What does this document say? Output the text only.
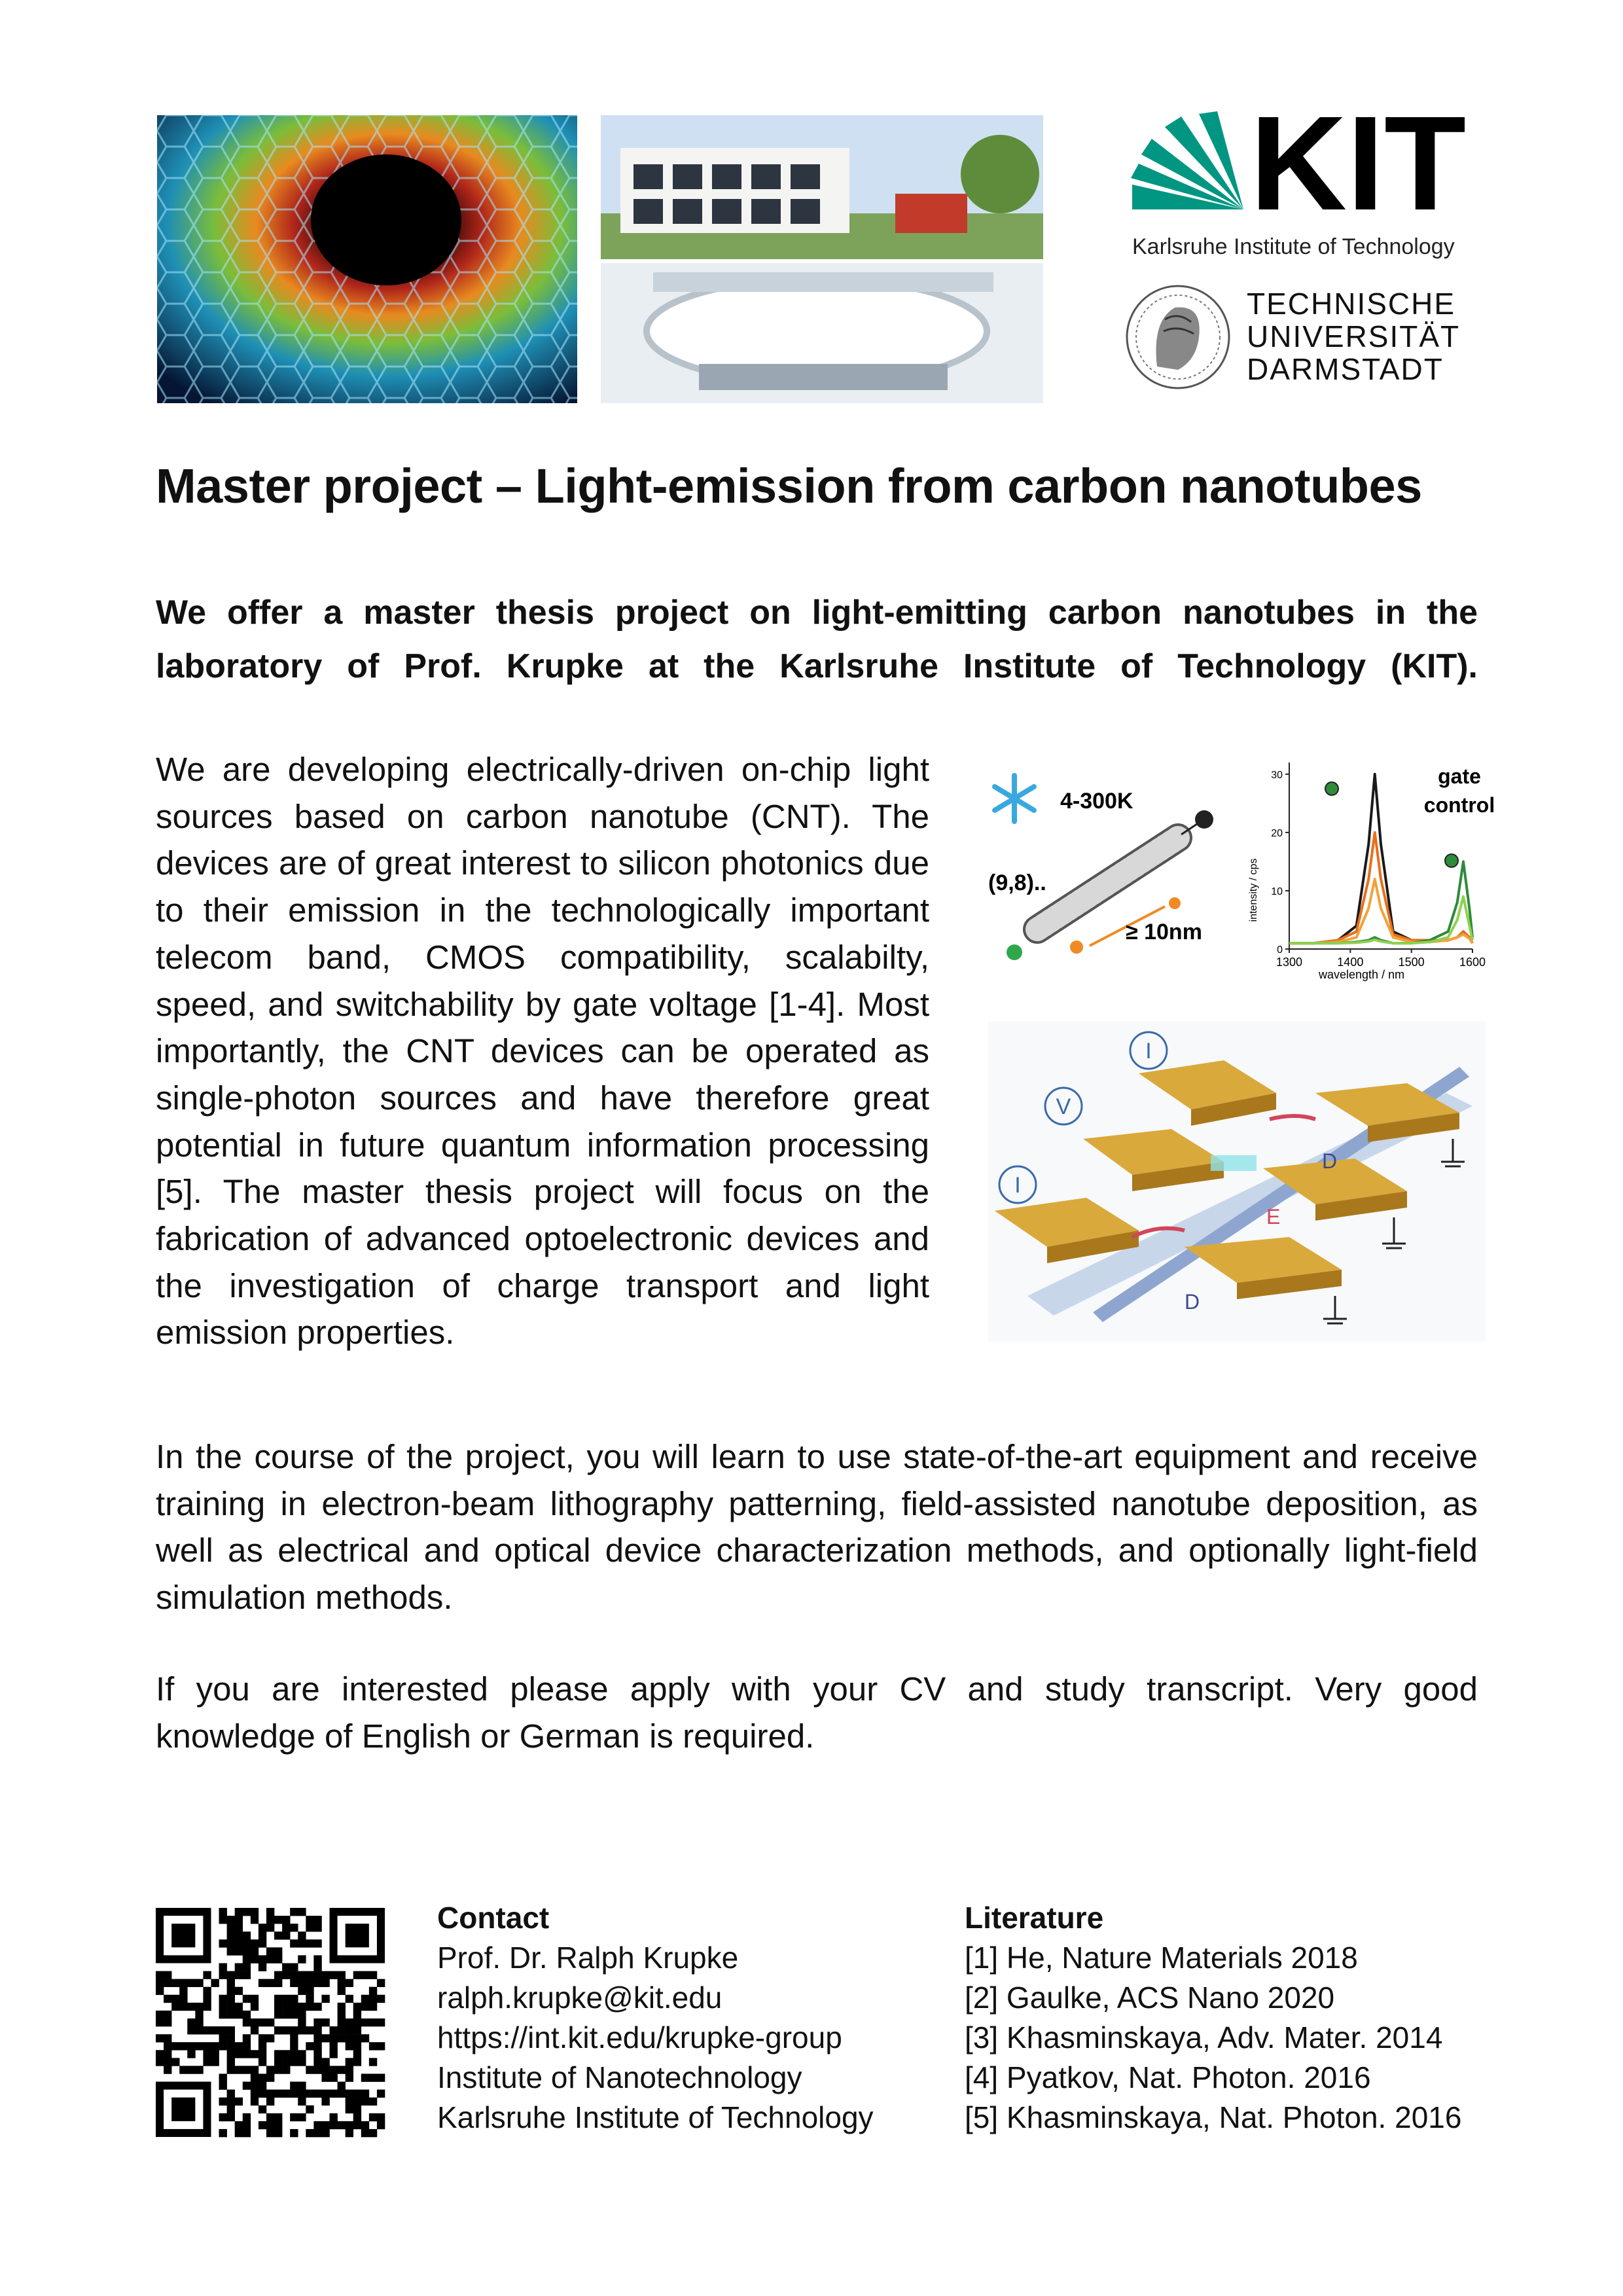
KIT
Karlsruhe Institute of Technology
TECHNISCHE
UNIVERSITÄT
DARMSTADT
Master project – Light-emission from carbon nanotubes

We offer a master thesis project on light-emitting carbon nanotubes in the

laboratory of Prof. Krupke at the Karlsruhe Institute of Technology (KIT).

We are developing electrically-driven on-chip light sources based on carbon nanotube (CNT). The devices are of great interest to silicon photonics due to their emission in the technologically important telecom band, CMOS compatibility, scalabilty, speed, and switchability by gate voltage [1-4]. Most importantly, the CNT devices can be operated as single-photon sources and have therefore great potential in future quantum information processing [5]. The master thesis project will focus on the fabrication of advanced optoelectronic devices and the investigation of charge transport and light emission properties.

4-300K
(9,8)..
≥ 10nm
0
10
20
30
1300	1400	1500	1600
gate
control
wavelength / nm
intensity / cps
I
V
I
D
E
D

In the course of the project, you will learn to use state-of-the-art equipment and receive training in electron-beam lithography patterning, field-assisted nanotube deposition, as well as electrical and optical device characterization methods, and optionally light-field simulation methods.

If you are interested please apply with your CV and study transcript. Very good knowledge of English or German is required.

Contact
Prof. Dr. Ralph Krupke
ralph.krupke@kit.edu
https://int.kit.edu/krupke-group
Institute of Nanotechnology
Karlsruhe Institute of Technology
Literature
[1] He, Nature Materials 2018
[2] Gaulke, ACS Nano 2020
[3] Khasminskaya, Adv. Mater. 2014
[4] Pyatkov, Nat. Photon. 2016
[5] Khasminskaya, Nat. Photon. 2016
